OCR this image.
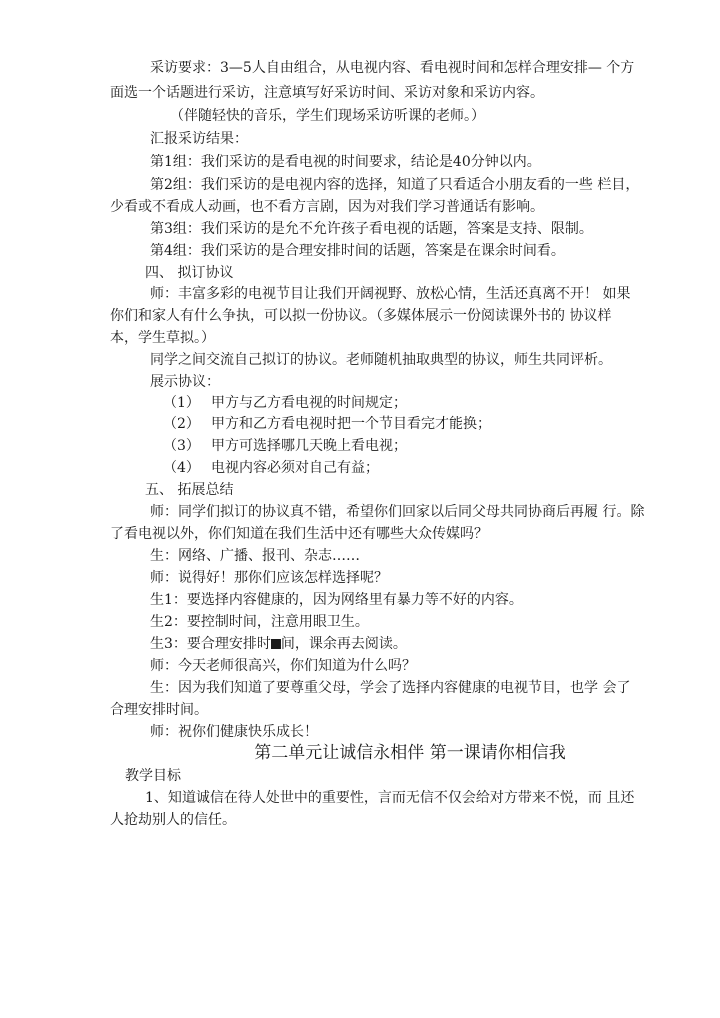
采访要求：3—5人自由组合，从电视内容、看电视时间和怎样合理安排— 个方
面选一个话题进行采访，注意填写好采访时间、采访对象和采访内容。
（伴随轻快的音乐，学生们现场采访听课的老师。）
汇报采访结果：
第1组：我们采访的是看电视的时间要求，结论是40分钟以内。
第2组：我们采访的是电视内容的选择，知道了只看适合小朋友看的一些 栏目，
少看或不看成人动画，也不看方言剧，因为对我们学习普通话有影响。
第3组：我们采访的是允不允许孩子看电视的话题，答案是支持、限制。
第4组：我们采访的是合理安排时间的话题，答案是在课余时间看。
四、 拟订协议
师：丰富多彩的电视节目让我们开阔视野、放松心情，生活还真离不开！ 如果
你们和家人有什么争执，可以拟一份协议。（多媒体展示一份阅读课外书的 协议样
本，学生草拟。）
同学之间交流自己拟订的协议。老师随机抽取典型的协议，师生共同评析。
展示协议：
（1） 甲方与乙方看电视的时间规定；
（2） 甲方和乙方看电视时把一个节目看完才能换；
（3） 甲方可选择哪几天晚上看电视；
（4） 电视内容必须对自己有益；
五、 拓展总结
师：同学们拟订的协议真不错，希望你们回家以后同父母共同协商后再履 行。除
了看电视以外，你们知道在我们生活中还有哪些大众传媒吗？
生：网络、广播、报刊、杂志……
师：说得好！那你们应该怎样选择呢？
生1：要选择内容健康的，因为网络里有暴力等不好的内容。
生2：要控制时间，注意用眼卫生。
生3：要合理安排时 间，课余再去阅读。
师：今天老师很高兴，你们知道为什么吗？
生：因为我们知道了要尊重父母，学会了选择内容健康的电视节目，也学 会了
合理安排时间。
师：祝你们健康快乐成长！
第二单元让诚信永相伴 第一课请你相信我
教学目标
1、知道诚信在待人处世中的重要性，言而无信不仅会给对方带来不悦，而 且还
人抢劫别人的信任。
